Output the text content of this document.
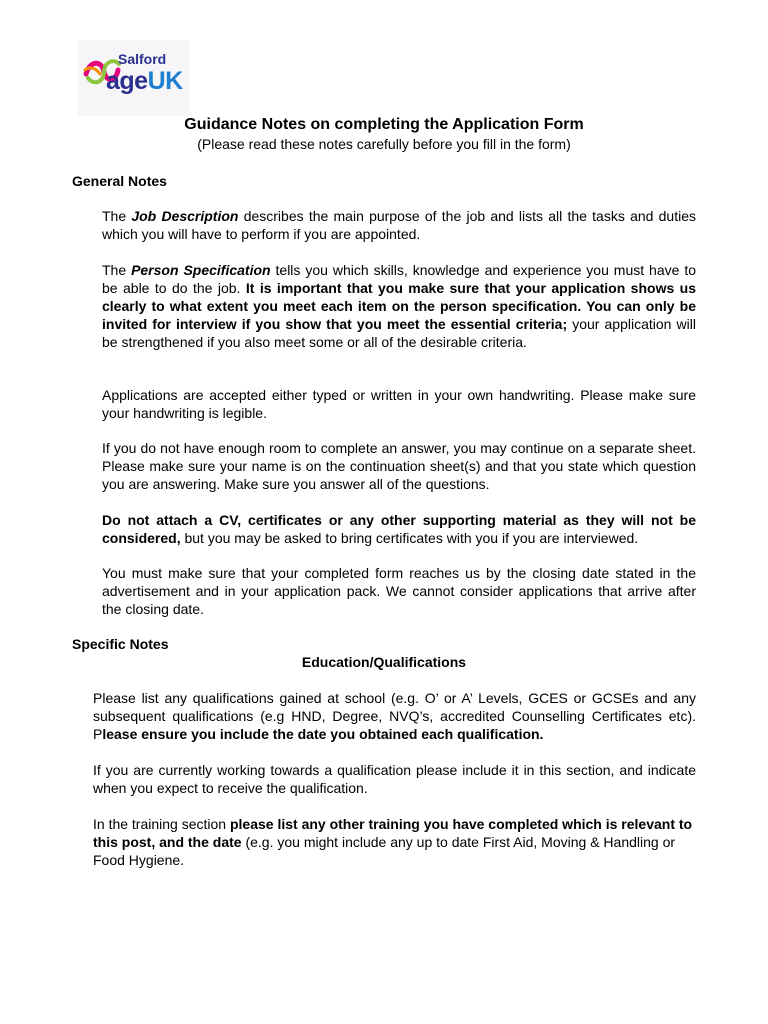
Salford
ageUK
Guidance Notes on completing the Application Form
(Please read these notes carefully before you fill in the form)
General Notes
The Job Description describes the main purpose of the job and lists all the tasks and duties which you will have to perform if you are appointed.
The Person Specification tells you which skills, knowledge and experience you must have to be able to do the job. It is important that you make sure that your application shows us clearly to what extent you meet each item on the person specification. You can only be invited for interview if you show that you meet the essential criteria; your application will be strengthened if you also meet some or all of the desirable criteria.
Applications are accepted either typed or written in your own handwriting. Please make sure your handwriting is legible.
If you do not have enough room to complete an answer, you may continue on a separate sheet. Please make sure your name is on the continuation sheet(s) and that you state which question you are answering. Make sure you answer all of the questions.
Do not attach a CV, certificates or any other supporting material as they will not be considered, but you may be asked to bring certificates with you if you are interviewed.
You must make sure that your completed form reaches us by the closing date stated in the advertisement and in your application pack. We cannot consider applications that arrive after the closing date.
Specific Notes
Education/Qualifications
Please list any qualifications gained at school (e.g. O’ or A’ Levels, GCES or GCSEs and any subsequent qualifications (e.g HND, Degree, NVQ’s, accredited Counselling Certificates etc). Please ensure you include the date you obtained each qualification.
If you are currently working towards a qualification please include it in this section, and indicate when you expect to receive the qualification.
In the training section please list any other training you have completed which is relevant to this post, and the date (e.g. you might include any up to date First Aid, Moving & Handling or Food Hygiene.
